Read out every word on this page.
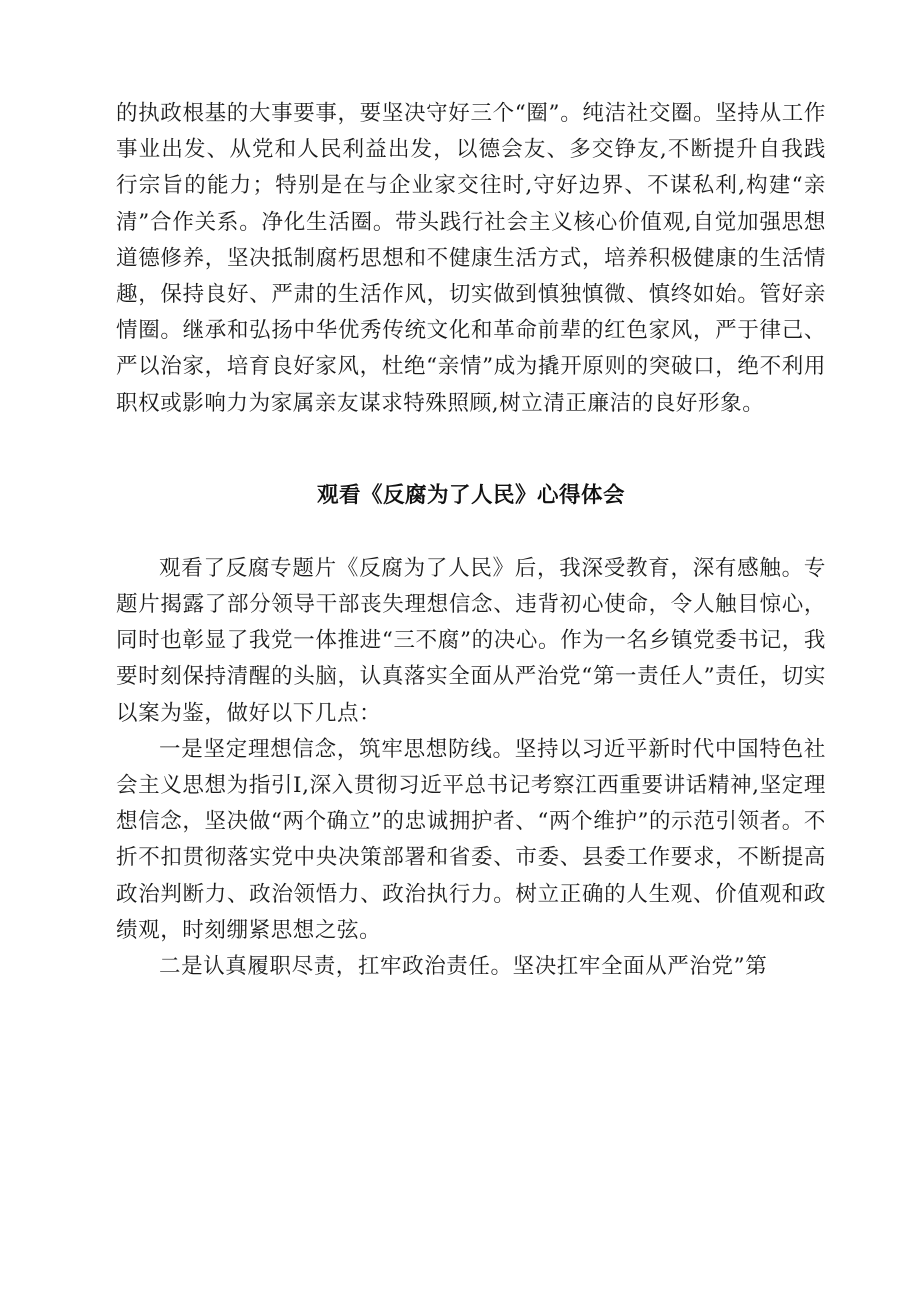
的执政根基的大事要事，要坚决守好三个“圈”。纯洁社交圈。坚持从工作事业出发、从党和人民利益出发，以德会友、多交铮友,不断提升自我践行宗旨的能力；特别是在与企业家交往时,守好边界、不谋私利,构建“亲清”合作关系。净化生活圈。带头践行社会主义核心价值观,自觉加强思想道德修养，坚决抵制腐朽思想和不健康生活方式，培养积极健康的生活情趣，保持良好、严肃的生活作风，切实做到慎独慎微、慎终如始。管好亲情圈。继承和弘扬中华优秀传统文化和革命前辈的红色家风，严于律己、严以治家，培育良好家风，杜绝“亲情”成为撬开原则的突破口，绝不利用职权或影响力为家属亲友谋求特殊照顾,树立清正廉洁的良好形象。

观看《反腐为了人民》心得体会

观看了反腐专题片《反腐为了人民》后，我深受教育，深有感触。专题片揭露了部分领导干部丧失理想信念、违背初心使命，令人触目惊心，同时也彰显了我党一体推进“三不腐”的决心。作为一名乡镇党委书记，我要时刻保持清醒的头脑，认真落实全面从严治党“第一责任人”责任，切实以案为鉴，做好以下几点：

一是坚定理想信念，筑牢思想防线。坚持以习近平新时代中国特色社会主义思想为指引I,深入贯彻习近平总书记考察江西重要讲话精神,坚定理想信念，坚决做“两个确立”的忠诚拥护者、“两个维护”的示范引领者。不折不扣贯彻落实党中央决策部署和省委、市委、县委工作要求，不断提高政治判断力、政治领悟力、政治执行力。树立正确的人生观、价值观和政绩观，时刻绷紧思想之弦。

二是认真履职尽责，扛牢政治责任。坚决扛牢全面从严治党”第
